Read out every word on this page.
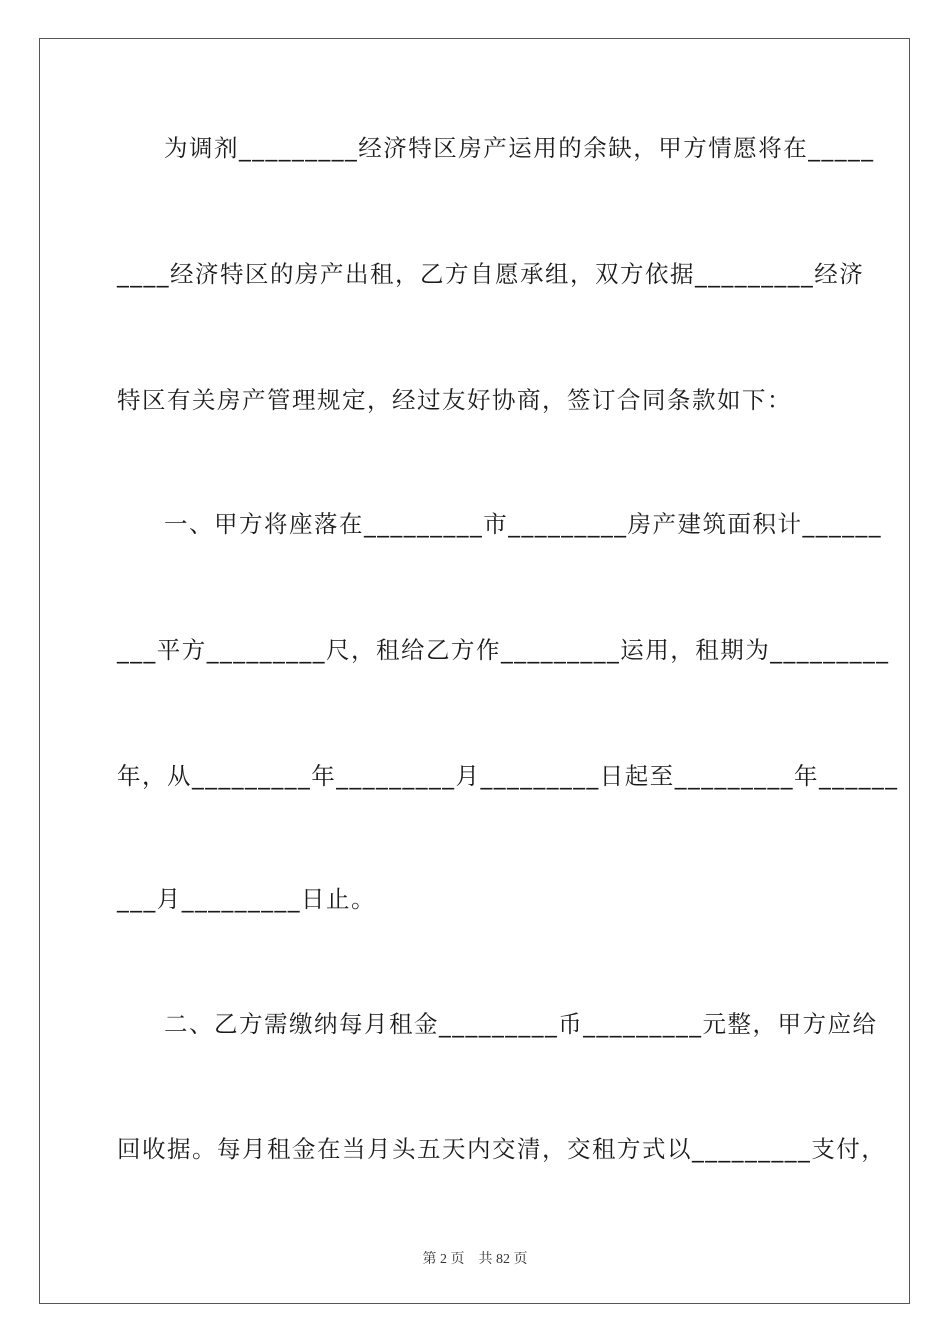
为调剂_________经济特区房产运用的余缺，甲方情愿将在_____
____经济特区的房产出租，乙方自愿承组，双方依据_________经济
特区有关房产管理规定，经过友好协商，签订合同条款如下：
一、甲方将座落在_________市_________房产建筑面积计______
___平方_________尺，租给乙方作_________运用，租期为_________
年，从_________年_________月_________日起至_________年______
___月_________日止。
二、乙方需缴纳每月租金_________币_________元整，甲方应给
回收据。每月租金在当月头五天内交清，交租方式以_________支付，
第 2 页 共 82 页
